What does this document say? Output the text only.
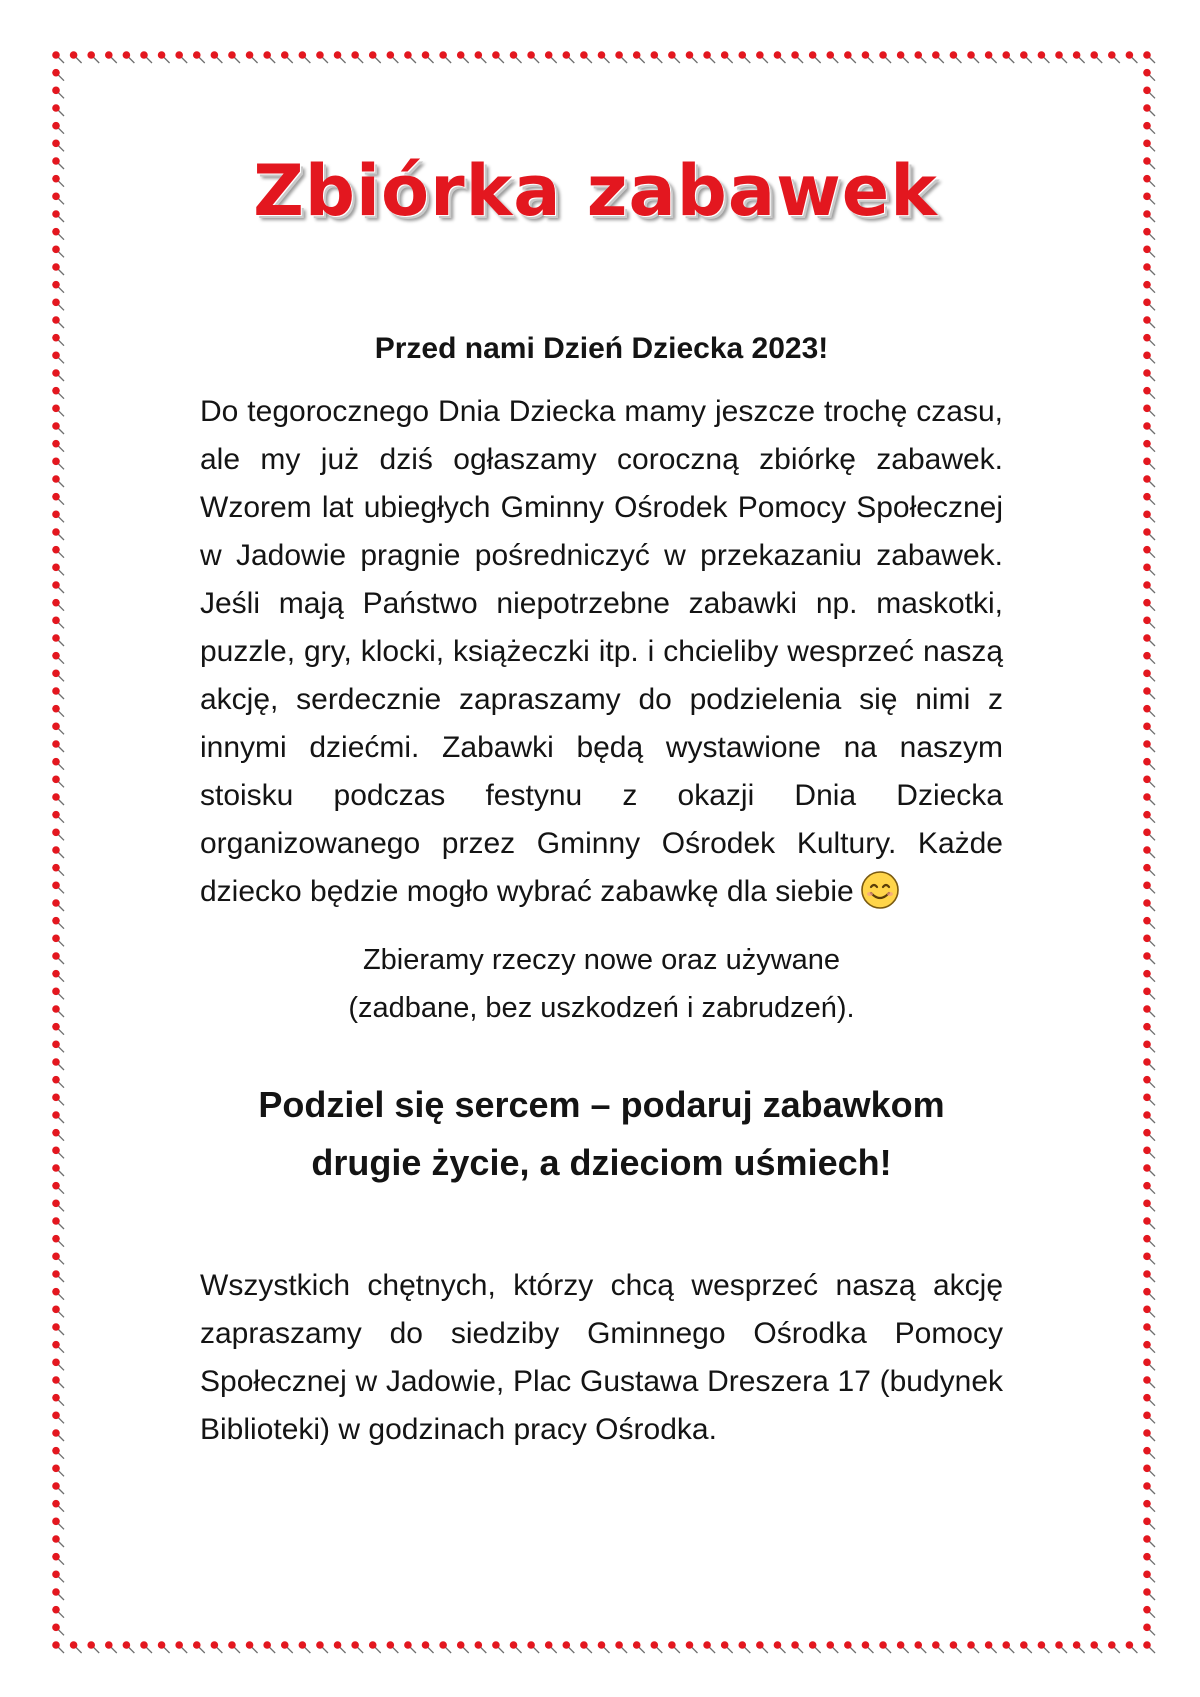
Zbiórka zabawek
Przed nami Dzień Dziecka 2023!

Do tegorocznego Dnia Dziecka mamy jeszcze trochę czasu, ale my już dziś ogłaszamy coroczną zbiórkę zabawek. Wzorem lat ubiegłych Gminny Ośrodek Pomocy Społecznej w Jadowie pragnie pośredniczyć w przekazaniu zabawek. Jeśli mają Państwo niepotrzebne zabawki np. maskotki, puzzle, gry, klocki, książeczki itp. i chcieliby wesprzeć naszą akcję, serdecznie zapraszamy do podzielenia się nimi z innymi dziećmi. Zabawki będą wystawione na naszym stoisku podczas festynu z okazji Dnia Dziecka organizowanego przez Gminny Ośrodek Kultury. Każde dziecko będzie mogło wybrać zabawkę dla siebie

Zbieramy rzeczy nowe oraz używane
(zadbane, bez uszkodzeń i zabrudzeń).
Podziel się sercem – podaruj zabawkom
drugie życie, a dzieciom uśmiech!

Wszystkich chętnych, którzy chcą wesprzeć naszą akcję zapraszamy do siedziby Gminnego Ośrodka Pomocy Społecznej w Jadowie, Plac Gustawa Dreszera 17 (budynek Biblioteki) w godzinach pracy Ośrodka.
